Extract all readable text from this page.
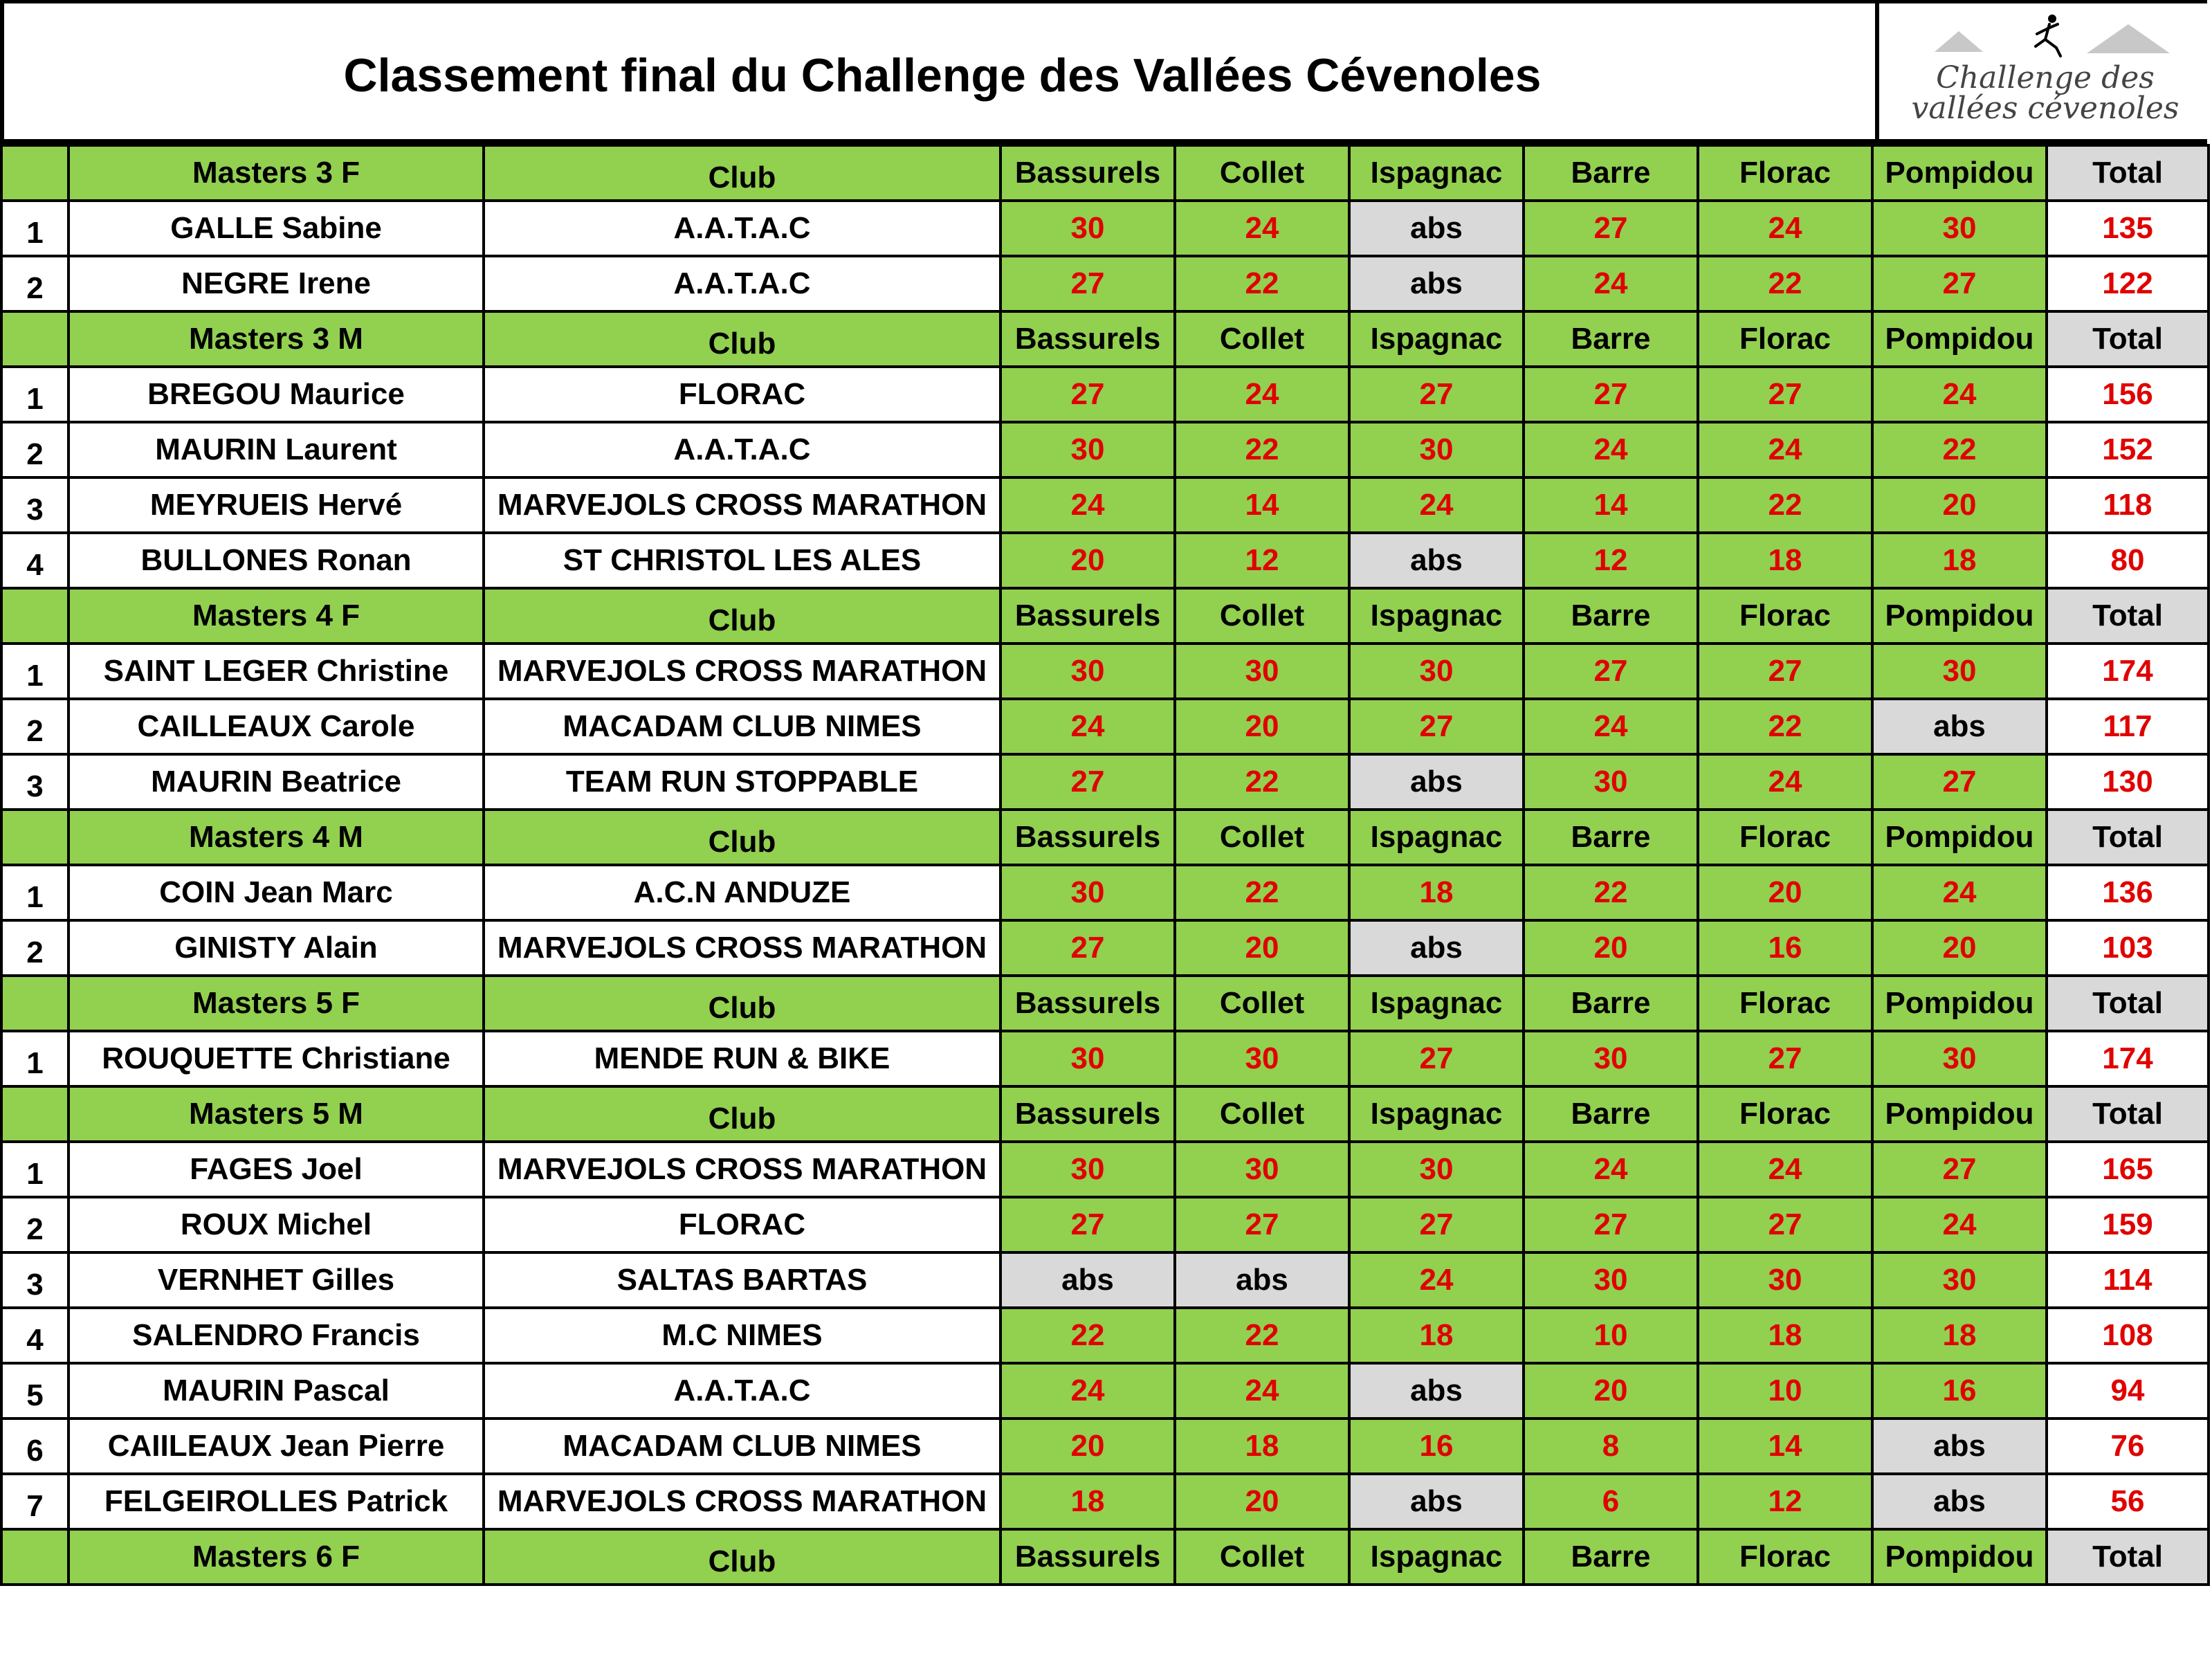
Classement final du Challenge des Vallées Cévenoles	Challenge des
vallées cévenoles
	Masters 3 F	Club	Bassurels	Collet	Ispagnac	Barre	Florac	Pompidou	Total
1	GALLE Sabine	A.A.T.A.C	30	24	abs	27	24	30	135
2	NEGRE Irene	A.A.T.A.C	27	22	abs	24	22	27	122
	Masters 3 M	Club	Bassurels	Collet	Ispagnac	Barre	Florac	Pompidou	Total
1	BREGOU Maurice	FLORAC	27	24	27	27	27	24	156
2	MAURIN Laurent	A.A.T.A.C	30	22	30	24	24	22	152
3	MEYRUEIS Hervé	MARVEJOLS CROSS MARATHON	24	14	24	14	22	20	118
4	BULLONES Ronan	ST CHRISTOL LES ALES	20	12	abs	12	18	18	80
	Masters 4 F	Club	Bassurels	Collet	Ispagnac	Barre	Florac	Pompidou	Total
1	SAINT LEGER Christine	MARVEJOLS CROSS MARATHON	30	30	30	27	27	30	174
2	CAILLEAUX Carole	MACADAM CLUB NIMES	24	20	27	24	22	abs	117
3	MAURIN Beatrice	TEAM RUN STOPPABLE	27	22	abs	30	24	27	130
	Masters 4 M	Club	Bassurels	Collet	Ispagnac	Barre	Florac	Pompidou	Total
1	COIN Jean Marc	A.C.N ANDUZE	30	22	18	22	20	24	136
2	GINISTY Alain	MARVEJOLS CROSS MARATHON	27	20	abs	20	16	20	103
	Masters 5 F	Club	Bassurels	Collet	Ispagnac	Barre	Florac	Pompidou	Total
1	ROUQUETTE Christiane	MENDE RUN & BIKE	30	30	27	30	27	30	174
	Masters 5 M	Club	Bassurels	Collet	Ispagnac	Barre	Florac	Pompidou	Total
1	FAGES Joel	MARVEJOLS CROSS MARATHON	30	30	30	24	24	27	165
2	ROUX Michel	FLORAC	27	27	27	27	27	24	159
3	VERNHET Gilles	SALTAS BARTAS	abs	abs	24	30	30	30	114
4	SALENDRO Francis	M.C NIMES	22	22	18	10	18	18	108
5	MAURIN Pascal	A.A.T.A.C	24	24	abs	20	10	16	94
6	CAIILEAUX Jean Pierre	MACADAM CLUB NIMES	20	18	16	8	14	abs	76
7	FELGEIROLLES Patrick	MARVEJOLS CROSS MARATHON	18	20	abs	6	12	abs	56
	Masters 6 F	Club	Bassurels	Collet	Ispagnac	Barre	Florac	Pompidou	Total
